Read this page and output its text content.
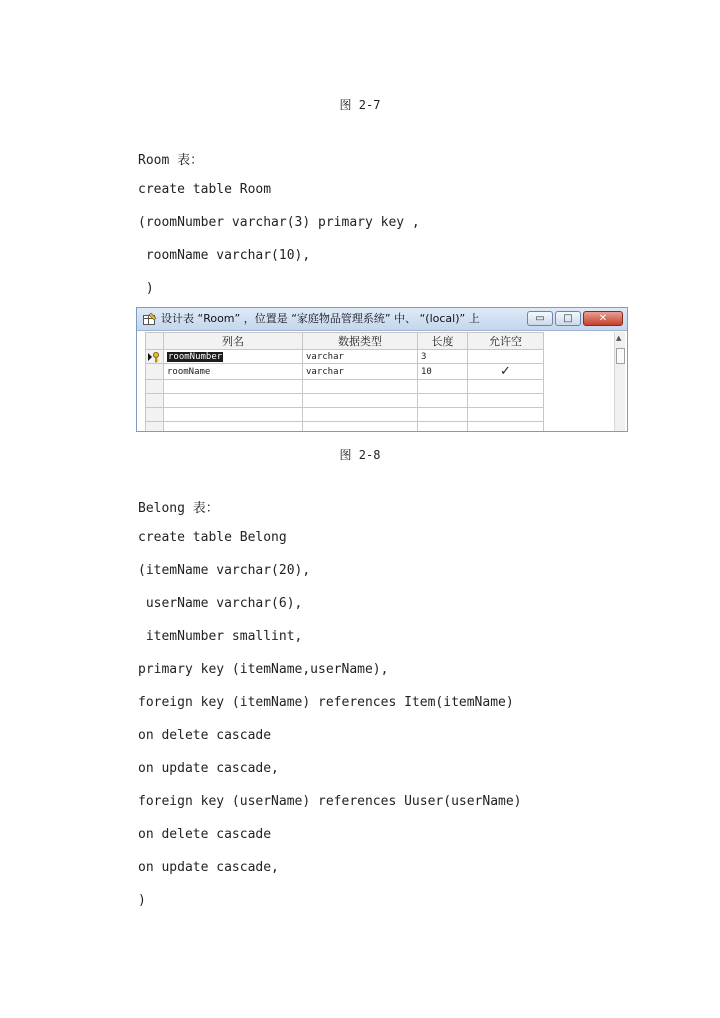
图 2-7
Room 表：
create table Room
(roomNumber varchar(3) primary key ,
roomName varchar(10),
)
设计表 “Room” ，位置是 “家庭物品管理系统” 中、 “(local)” 上	▭	□	✕
	列名	数据类型	长度	允许空

	roomNumber	varchar	3	
	roomName	varchar	10	✓

▲
图 2-8
Belong 表：
create table Belong
(itemName varchar(20),
userName varchar(6),
itemNumber smallint,
primary key (itemName,userName),
foreign key (itemName) references Item(itemName)
on delete cascade
on update cascade,
foreign key (userName) references Uuser(userName)
on delete cascade
on update cascade,
)
